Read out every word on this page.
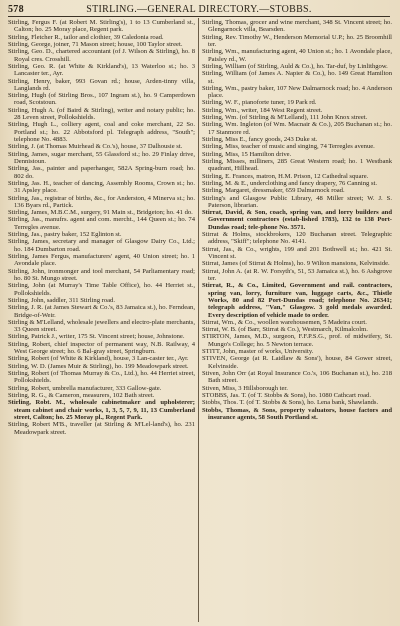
578	STIRLING.—GENERAL DIRECTORY.—STOBBS.

Stirling, Fergus F. (at Robert M. Stirling's), 1 to 13 Cumberland st., Calton; ho. 25 Moray place, Regent park.

Stirling, Fletcher R., tailor and clothier, 39 Caledonia road.

Stirling, George, joiner, 71 Mason street; house, 100 Taylor street.

Stirling, Geo. D., chartered accountant (of J. Wilson & Stirling), ho. 8 Royal cres. Crosshill.

Stirling, Geo. R. (at White & Kirkland's), 13 Waterloo st.; ho. 3 Lancaster ter., Ayr.

Stirling, Henry, baker, 993 Govan rd.; house, Arden-tinny villa, Langlands rd.

Stirling, Hugh (of Stirling Bros., 107 Ingram st.), ho. 9 Camperdown road, Scotstoun.

Stirling, Hugh A. (of Baird & Stirling), writer and notary public; ho. 28 Leven street, Pollokshields.

Stirling, Hugh L., colliery agent, coal and coke merchant, 22 So. Portland st.; ho. 22 Abbotsford pl. Telegraph address, "South"; telephone No. 4883.

Stirling, J. (at Thomas Muirhead & Co.'s), house, 37 Dalhousie st.

Stirling, James, sugar merchant, 55 Glassford st.; ho. 29 Finlay drive, Dennistoun.

Stirling, Jas., painter and paperhanger, 582A Spring-burn road; ho. 802 do.

Stirling, Jas. H., teacher of dancing, Assembly Rooms, Crown st.; ho. 31 Apsley place.

Stirling, Jas., registrar of births, &c., for Anderston, 4 Minerva st.; ho. 136 Byars rd., Partick.

Stirling, James, M.B.C.M., surgery, 91 Main st., Bridgeton; ho. 41 do.

Stirling, Jas., manufrs. agent and com. mercht., 144 Queen st.; ho. 74 Terregles avenue.

Stirling, Jas., pastry baker, 152 Eglinton st.

Stirling, James, secretary and manager of Glasgow Dairy Co., Ltd.; ho. 184 Dumbarton road.

Stirling, James Fergus, manufacturers' agent, 40 Union street; ho. 1 Avondale place.

Stirling, John, ironmonger and tool merchant, 54 Parliamentary road; ho. 80 St. Mungo street.

Stirling, John (at Murray's Time Table Office), ho. 44 Herriet st., Pollokshields.

Stirling, John, saddler, 311 Stirling road.

Stirling, J. R. (at James Stewart & Co.'s, 83 Jamaica st.), ho. Ferndean, Bridge-of-Weir.

Stirling & M'Lelland, wholesale jewellers and electro-plate merchants, 33 Queen street.

Stirling, Patrick J., writer, 175 St. Vincent street; house, Johnstone.

Stirling, Robert, chief inspector of permanent way, N.B. Railway, 4 West George street; ho. 6 Bal-gray street, Springburn.

Stirling, Robert (of White & Kirkland), house, 3 Lan-caster ter., Ayr.

Stirling, W. D. (James Muir & Stirling), ho. 199 Meadowpark street.

Stirling, Robert (of Thomas Murray & Co., Ltd.), ho. 44 Herriet street, Pollokshields.

Stirling, Robert, umbrella manufacturer, 333 Gallow-gate.

Stirling, R. G., & Cameron, measurers, 102 Bath street.

Stirling, Robt. M., wholesale cabinetmaker and upholsterer; steam cabinet and chair works, 1, 3, 5, 7, 9, 11, 13 Cumberland street, Calton; ho. 25 Moray pl., Regent Park.

Stirling, Robert M'B., traveller (at Stirling & M'Lel-land's), ho. 231 Meadowpark street.

Stirling, Thomas, grocer and wine merchant, 348 St. Vincent street; ho. Glengarnock villa, Bearsden.

Stirling, Rev. Timothy W., Henderson Memorial U.P.; ho. 25 Broomhill ter.

Stirling, Wm., manufacturing agent, 40 Union st.; ho. 1 Avondale place, Paisley rd., W.

Stirling, William (of Stirling, Auld & Co.), ho. Tar-duf, by Linlithgow.

Stirling, William (of James A. Napier & Co.), ho. 149 Great Hamilton st.

Stirling, Wm., pastry baker, 107 New Dalmarnock road; ho. 4 Anderson place.

Stirling, W. F., pianoforte tuner, 19 Park rd.

Stirling, Wm., writer, 184 West Regent street.

Stirling, Wm. (of Stirling & M'Lelland), 111 John Knox street.

Stirling, Wm. Ingleton (of Wm. Macnair & Co.), 205 Buchanan st.; ho. 17 Stanmore rd.

Stirling, Miss E., fancy goods, 243 Duke st.

Stirling, Miss, teacher of music and singing, 74 Terregles avenue.

Stirling, Miss, 15 Hamilton drive.

Stirling, Misses, milliners, 285 Great Western road; ho. 1 Westbank quadrant, Hillhead.

Stirling, E. Frances, matron, H.M. Prison, 12 Cathedral square.

Stirling, M. & E., underclothing and fancy drapery, 76 Canning st.

Stirling, Margaret, dressmaker, 659 Dalmarnock road.

Stirling's and Glasgow Public Library, 48 Miller street; W. J. S. Paterson, librarian.

Stirrat, David, & Son, coach, spring van, and lorry builders and Government contractors (estab-lished 1783), 132 to 138 Port-Dundas road; tele-phone No. 3571.

Stirrat & Holms, stockbrokers, 120 Buchanan street. Telegraphic address, "Skiff"; telephone No. 4141.

Stirrat, Jas., & Co., wrights, 199 and 201 Bothwell st.; ho. 421 St. Vincent st.

Stirrat, James (of Stirrat & Holms), ho. 9 Wilton mansions, Kelvinside.

Stirrat, John A. (at R. W. Forsyth's, 51, 53 Jamaica st.), ho. 6 Ashgrove ter.

Stirrat, R., & Co., Limited, Government and rail. contractors, spring van, lorry, furniture van, luggage carts, &c., Thistle Works, 80 and 82 Port-Dundas road; telephone No. 26341; telegraph address, "Van," Glasgow. 3 gold medals awarded. Every description of vehicle made to order.

Stirrat, Wm., & Co., woollen warehousemen, 5 Madeira court.

Stirrat, W. B. (of Barr, Stirrat & Co.), Westmarch, Kilmalcolm.

STIRTON, James, M.D., surgeon, F.F.P.S.G., prof. of midwifery, St. Mungo's College; ho. 5 Newton terrace.

STITT, John, master of works, University.

STIVEN, George (at R. Laidlaw & Sons'), house, 84 Gower street, Kelvinside.

Stiven, John Orr (at Royal Insurance Co.'s, 106 Buchanan st.), ho. 218 Bath street.

Stiven, Miss, 3 Hillsborough ter.

STOBBS, Jas. T. (of T. Stobbs & Sons), ho. 1080 Cathcart road.

Stobbs, Thos. T. (of T. Stobbs & Sons), ho. Lena bank, Shawlands.

Stobbs, Thomas, & Sons, property valuators, house factors and insurance agents, 58 South Portland st.
